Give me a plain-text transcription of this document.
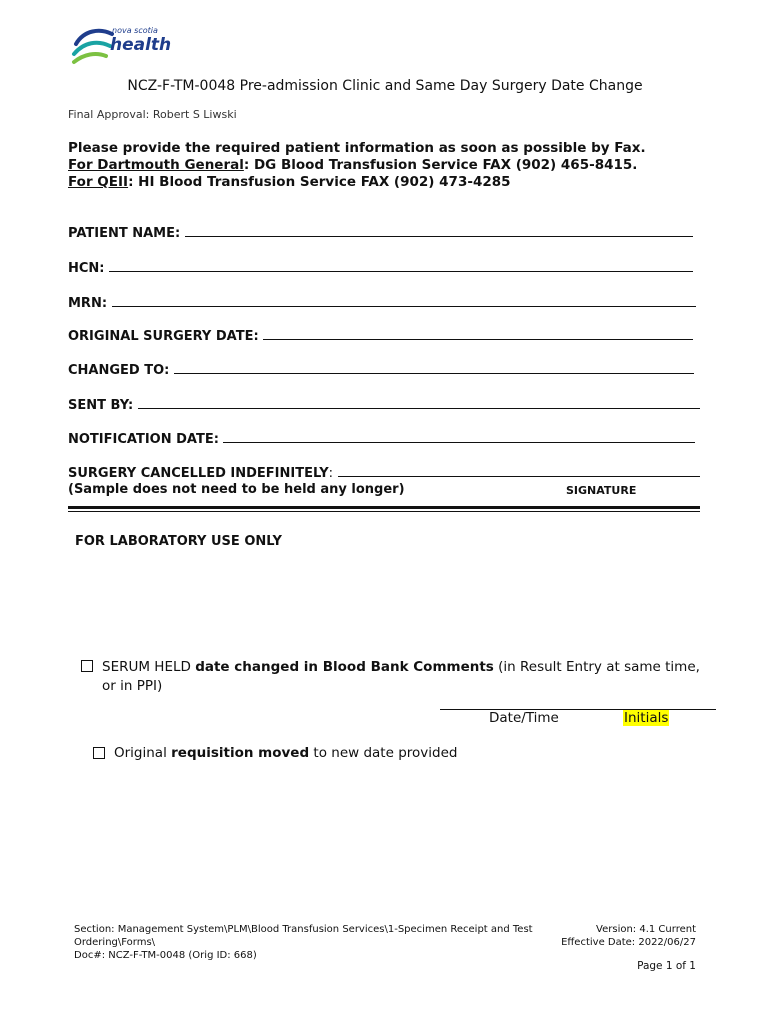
nova scotia
health
NCZ-F-TM-0048 Pre-admission Clinic and Same Day Surgery Date Change
Final Approval: Robert S Liwski
Please provide the required patient information as soon as possible by Fax.
For Dartmouth General: DG Blood Transfusion Service FAX (902) 465-8415.
For QEII: HI Blood Transfusion Service FAX (902) 473-4285
PATIENT NAME:
HCN:
MRN:
ORIGINAL SURGERY DATE:
CHANGED TO:
SENT BY:
NOTIFICATION DATE:
SURGERY CANCELLED INDEFINITELY:
(Sample does not need to be held any longer)	SIGNATURE
FOR LABORATORY USE ONLY
SERUM HELD date changed in Blood Bank Comments (in Result Entry at same time, or in PPI)
Date/Time	Initials
Original requisition moved to new date provided
Section: Management System\PLM\Blood Transfusion Services\1-Specimen Receipt and Test
Ordering\Forms\
Doc#: NCZ-F-TM-0048 (Orig ID: 668)
Version: 4.1 Current
Effective Date: 2022/06/27
Page 1 of 1
